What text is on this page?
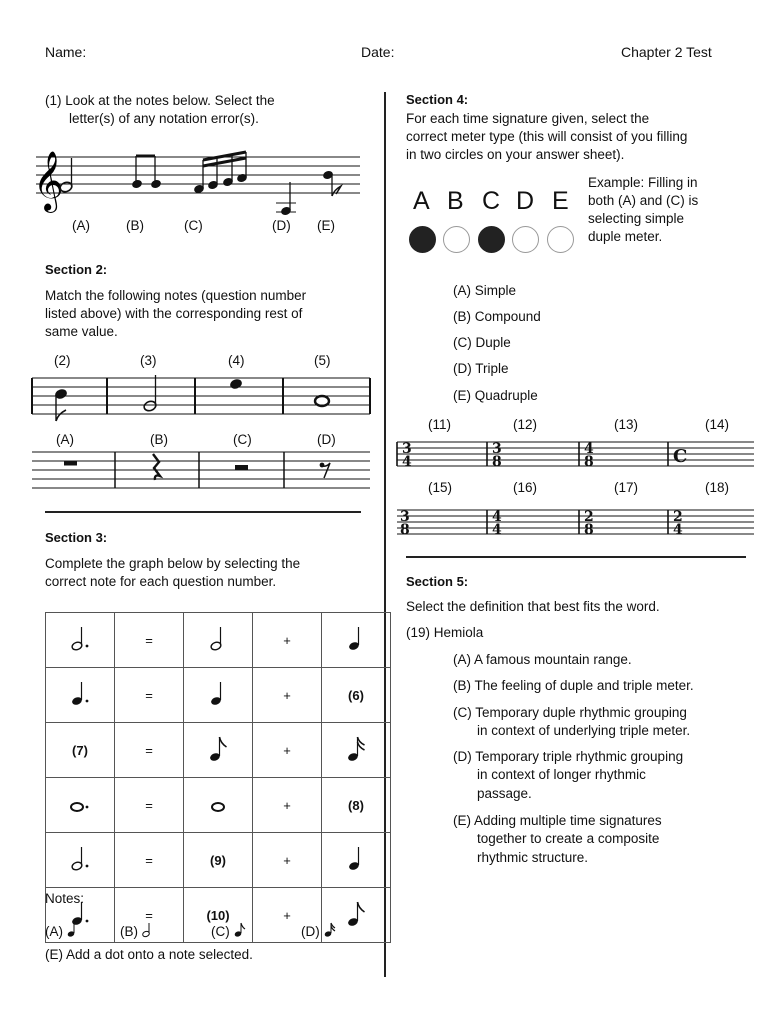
Name:	Date:	Chapter 2 Test
(1) Look at the notes below. Select the
letter(s) of any notation error(s).
𝄞
(A)	(B)	(C)	(D) (E)
Section 2:
Match the following notes (question number
listed above) with the corresponding rest of
same value.
(2)	(3)	(4)	(5)
(A)	(B)	(C)	(D)
Section 3:
Complete the graph below by selecting the
correct note for each question number.
	=		+	
	=		+	(6)
(7)	=		+	
	=		+	(8)
	=	(9)	+	
	=	(10)	+	
Notes:
(A)	(B)	(C)	(D)
(E) Add a dot onto a note selected.
Section 4:
For each time signature given, select the
correct meter type (this will consist of you filling
in two circles on your answer sheet).
A B C D E
Example: Filling in
both (A) and (C) is
selecting simple
duple meter.
(A) Simple
(B) Compound
(C) Duple
(D) Triple
(E) Quadruple
(11)	(12)	(13)	(14)
3
4
3
8
4
8	C
(15)	(16)	(17)	(18)
3
8
4
4
2
8
2
4
Section 5:
Select the definition that best fits the word.
(19) Hemiola
(A) A famous mountain range.
(B) The feeling of duple and triple meter.
(C) Temporary duple rhythmic grouping
in context of underlying triple meter.
(D) Temporary triple rhythmic grouping
in context of longer rhythmic
passage.
(E) Adding multiple time signatures
together to create a composite
rhythmic structure.
